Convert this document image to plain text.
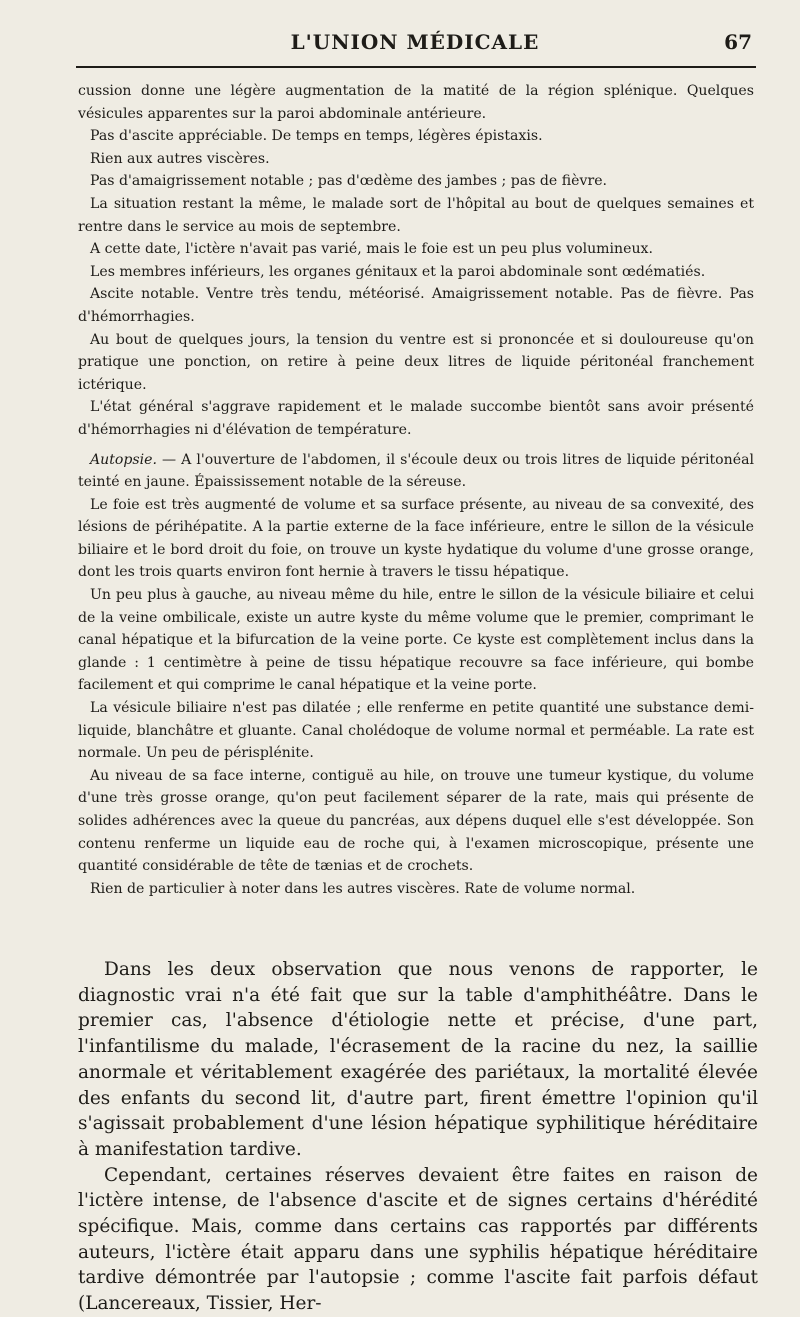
L'UNION MÉDICALE	67

cussion donne une légère augmentation de la matité de la région splénique. Quelques vésicules apparentes sur la paroi abdominale antérieure.

Pas d'ascite appréciable. De temps en temps, légères épistaxis.

Rien aux autres viscères.

Pas d'amaigrissement notable ; pas d'œdème des jambes ; pas de fièvre.

La situation restant la même, le malade sort de l'hôpital au bout de quelques semaines et rentre dans le service au mois de septembre.

A cette date, l'ictère n'avait pas varié, mais le foie est un peu plus volumineux.

Les membres inférieurs, les organes génitaux et la paroi abdominale sont œdématiés.

Ascite notable. Ventre très tendu, météorisé. Amaigrissement notable. Pas de fièvre. Pas d'hémorrhagies.

Au bout de quelques jours, la tension du ventre est si prononcée et si douloureuse qu'on pratique une ponction, on retire à peine deux litres de liquide péritonéal franchement ictérique.

L'état général s'aggrave rapidement et le malade succombe bientôt sans avoir présenté d'hémorrhagies ni d'élévation de température.

Autopsie. — A l'ouverture de l'abdomen, il s'écoule deux ou trois litres de liquide péritonéal teinté en jaune. Épaississement notable de la séreuse.

Le foie est très augmenté de volume et sa surface présente, au niveau de sa convexité, des lésions de périhépatite. A la partie externe de la face inférieure, entre le sillon de la vésicule biliaire et le bord droit du foie, on trouve un kyste hydatique du volume d'une grosse orange, dont les trois quarts environ font hernie à travers le tissu hépatique.

Un peu plus à gauche, au niveau même du hile, entre le sillon de la vésicule biliaire et celui de la veine ombilicale, existe un autre kyste du même volume que le premier, comprimant le canal hépatique et la bifurcation de la veine porte. Ce kyste est complètement inclus dans la glande : 1 centimètre à peine de tissu hépatique recouvre sa face inférieure, qui bombe facilement et qui comprime le canal hépatique et la veine porte.

La vésicule biliaire n'est pas dilatée ; elle renferme en petite quantité une substance demi-liquide, blanchâtre et gluante. Canal cholédoque de volume normal et perméable. La rate est normale. Un peu de périsplénite.

Au niveau de sa face interne, contiguë au hile, on trouve une tumeur kystique, du volume d'une très grosse orange, qu'on peut facilement séparer de la rate, mais qui présente de solides adhérences avec la queue du pancréas, aux dépens duquel elle s'est développée. Son contenu renferme un liquide eau de roche qui, à l'examen microscopique, présente une quantité considérable de tête de tænias et de crochets.

Rien de particulier à noter dans les autres viscères. Rate de volume normal.

Dans les deux observation que nous venons de rapporter, le diagnostic vrai n'a été fait que sur la table d'amphithéâtre. Dans le premier cas, l'absence d'étiologie nette et précise, d'une part, l'infantilisme du malade, l'écrasement de la racine du nez, la saillie anormale et véritablement exagérée des pariétaux, la mortalité élevée des enfants du second lit, d'autre part, firent émettre l'opinion qu'il s'agissait probablement d'une lésion hépatique syphilitique héréditaire à manifestation tardive.

Cependant, certaines réserves devaient être faites en raison de l'ictère intense, de l'absence d'ascite et de signes certains d'hérédité spécifique. Mais, comme dans certains cas rapportés par différents auteurs, l'ictère était apparu dans une syphilis hépatique héréditaire tardive démontrée par l'autopsie ; comme l'ascite fait parfois défaut (Lancereaux, Tissier, Her-
